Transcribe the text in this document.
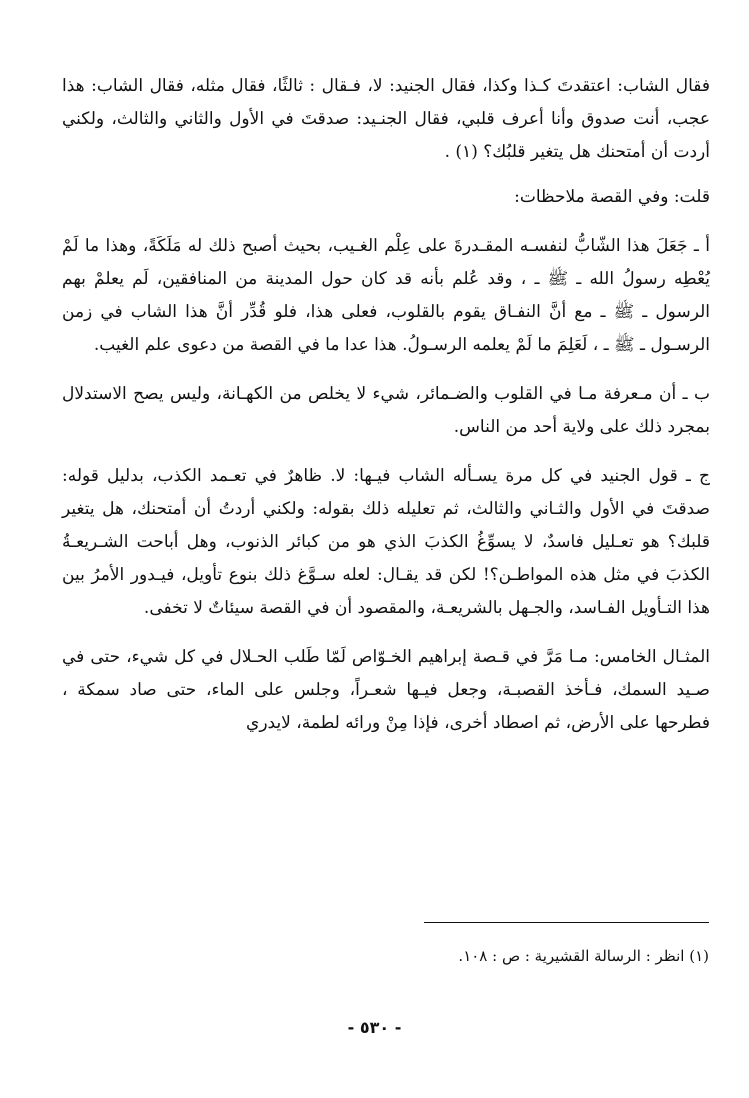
فقال الشاب: اعتقدتَ كـذا وكذا، فقال الجنيد: لا، فـقال : ثالثًا، فقال مثله، فقال الشاب: هذا عجب، أنت صدوق وأنا أعرف قلبي، فقال الجنـيد: صدقتَ في الأول والثاني والثالث، ولكني أردت أن أمتحنك هل يتغير قلبُك؟ (١) .

قلت: وفي القصة ملاحظات:

أ ـ جَعَلَ هذا الشّابُّ لنفسـه المقـدرةَ على عِلْم الغـيب، بحيث أصبح ذلك له مَلَكَةً، وهذا ما لَمْ يُعْطِه رسولُ الله ـ ﷺ ـ ، وقد عُلم بأنه قد كان حول المدينة من المنافقين، لَم يعلمْ بهم الرسول ـ ﷺ ـ مع أنَّ النفـاق يقوم بالقلوب، فعلى هذا، فلو قُدِّر أنَّ هذا الشاب في زمن الرسـول ـ ﷺ ـ ، لَعَلِمَ ما لَمْ يعلمه الرسـولُ. هذا عدا ما في القصة من دعوى علم الغيب.

ب ـ أن مـعرفة مـا في القلوب والضـمائر، شيء لا يخلص من الكهـانة، وليس يصح الاستدلال بمجرد ذلك على ولاية أحد من الناس.

ج ـ قول الجنيد في كل مرة يسـأله الشاب فيـها: لا. ظاهرٌ في تعـمد الكذب، بدليل قوله: صدقتَ في الأول والثـاني والثالث، ثم تعليله ذلك بقوله: ولكني أردتُ أن أمتحنك، هل يتغير قلبك؟ هو تعـليل فاسدٌ، لا يسوِّغُ الكذبَ الذي هو من كبائر الذنوب، وهل أباحت الشـريعـةُ الكذبَ في مثل هذه المواطـن؟! لكن قد يقـال: لعله سـوَّغ ذلك بنوع تأويل، فيـدور الأمرُ بين هذا التـأويل الفـاسد، والجـهل بالشريعـة، والمقصود أن في القصة سيئاتٌ لا تخفى.

المثـال الخامس: مـا مَرَّ في قـصة إبراهيم الخـوّاص لَمّا طَلب الحـلال في كل شيء، حتى في صـيد السمك، فـأخذ القصبـة، وجعل فيـها شعـراً، وجلس على الماء، حتى صاد سمكة ، فطرحها على الأرض، ثم اصطاد أخرى، فإذا مِنْ ورائه لطمة، لايدري

(١) انظر : الرسالة القشيرية : ص : ١٠٨.
- ٥٣٠ -
